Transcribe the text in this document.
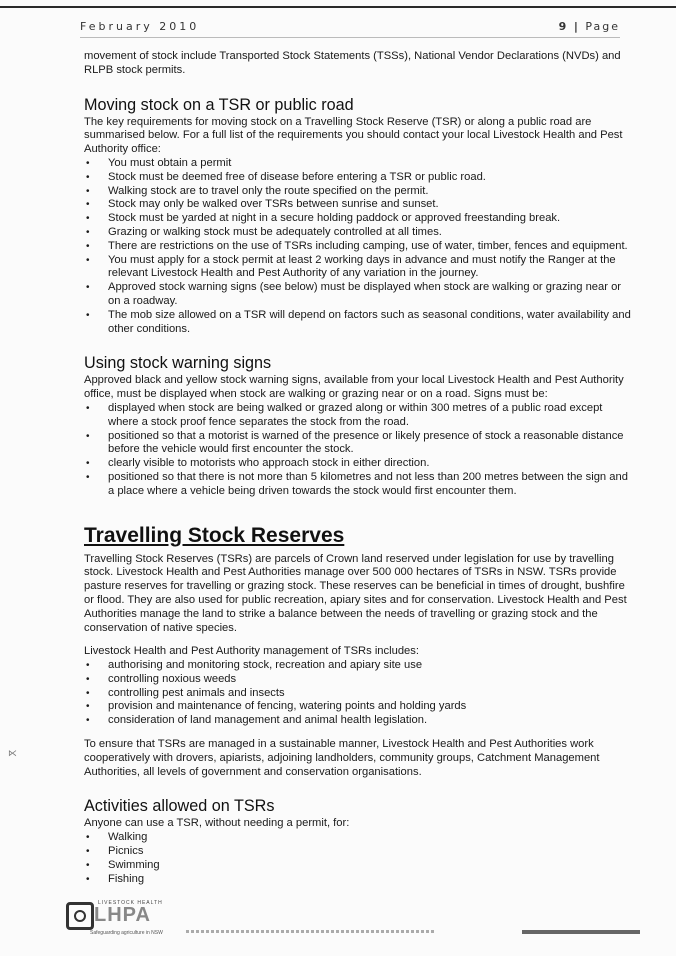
February 2010	9 | Page

movement of stock include Transported Stock Statements (TSSs), National Vendor Declarations (NVDs) and RLPB stock permits.

Moving stock on a TSR or public road

The key requirements for moving stock on a Travelling Stock Reserve (TSR) or along a public road are summarised below. For a full list of the requirements you should contact your local Livestock Health and Pest Authority office:

• You must obtain a permit
• Stock must be deemed free of disease before entering a TSR or public road.
• Walking stock are to travel only the route specified on the permit.
• Stock may only be walked over TSRs between sunrise and sunset.
• Stock must be yarded at night in a secure holding paddock or approved freestanding break.
• Grazing or walking stock must be adequately controlled at all times.
• There are restrictions on the use of TSRs including camping, use of water, timber, fences and equipment.
• You must apply for a stock permit at least 2 working days in advance and must notify the Ranger at the relevant Livestock Health and Pest Authority of any variation in the journey.
• Approved stock warning signs (see below) must be displayed when stock are walking or grazing near or on a roadway.
• The mob size allowed on a TSR will depend on factors such as seasonal conditions, water availability and other conditions.
Using stock warning signs

Approved black and yellow stock warning signs, available from your local Livestock Health and Pest Authority office, must be displayed when stock are walking or grazing near or on a road. Signs must be:

• displayed when stock are being walked or grazed along or within 300 metres of a public road except where a stock proof fence separates the stock from the road.
• positioned so that a motorist is warned of the presence or likely presence of stock a reasonable distance before the vehicle would first encounter the stock.
• clearly visible to motorists who approach stock in either direction.
• positioned so that there is not more than 5 kilometres and not less than 200 metres between the sign and a place where a vehicle being driven towards the stock would first encounter them.
Travelling Stock Reserves

Travelling Stock Reserves (TSRs) are parcels of Crown land reserved under legislation for use by travelling stock. Livestock Health and Pest Authorities manage over 500 000 hectares of TSRs in NSW. TSRs provide pasture reserves for travelling or grazing stock. These reserves can be beneficial in times of drought, bushfire or flood. They are also used for public recreation, apiary sites and for conservation. Livestock Health and Pest Authorities manage the land to strike a balance between the needs of travelling or grazing stock and the conservation of native species.

Livestock Health and Pest Authority management of TSRs includes:

• authorising and monitoring stock, recreation and apiary site use
• controlling noxious weeds
• controlling pest animals and insects
• provision and maintenance of fencing, watering points and holding yards
• consideration of land management and animal health legislation.

To ensure that TSRs are managed in a sustainable manner, Livestock Health and Pest Authorities work cooperatively with drovers, apiarists, adjoining landholders, community groups, Catchment Management Authorities, all levels of government and conservation organisations.

Activities allowed on TSRs

Anyone can use a TSR, without needing a permit, for:

• Walking
• Picnics
• Swimming
• Fishing
⋉
LIVESTOCK HEALTH
LHPA
Safeguarding agriculture in NSW
